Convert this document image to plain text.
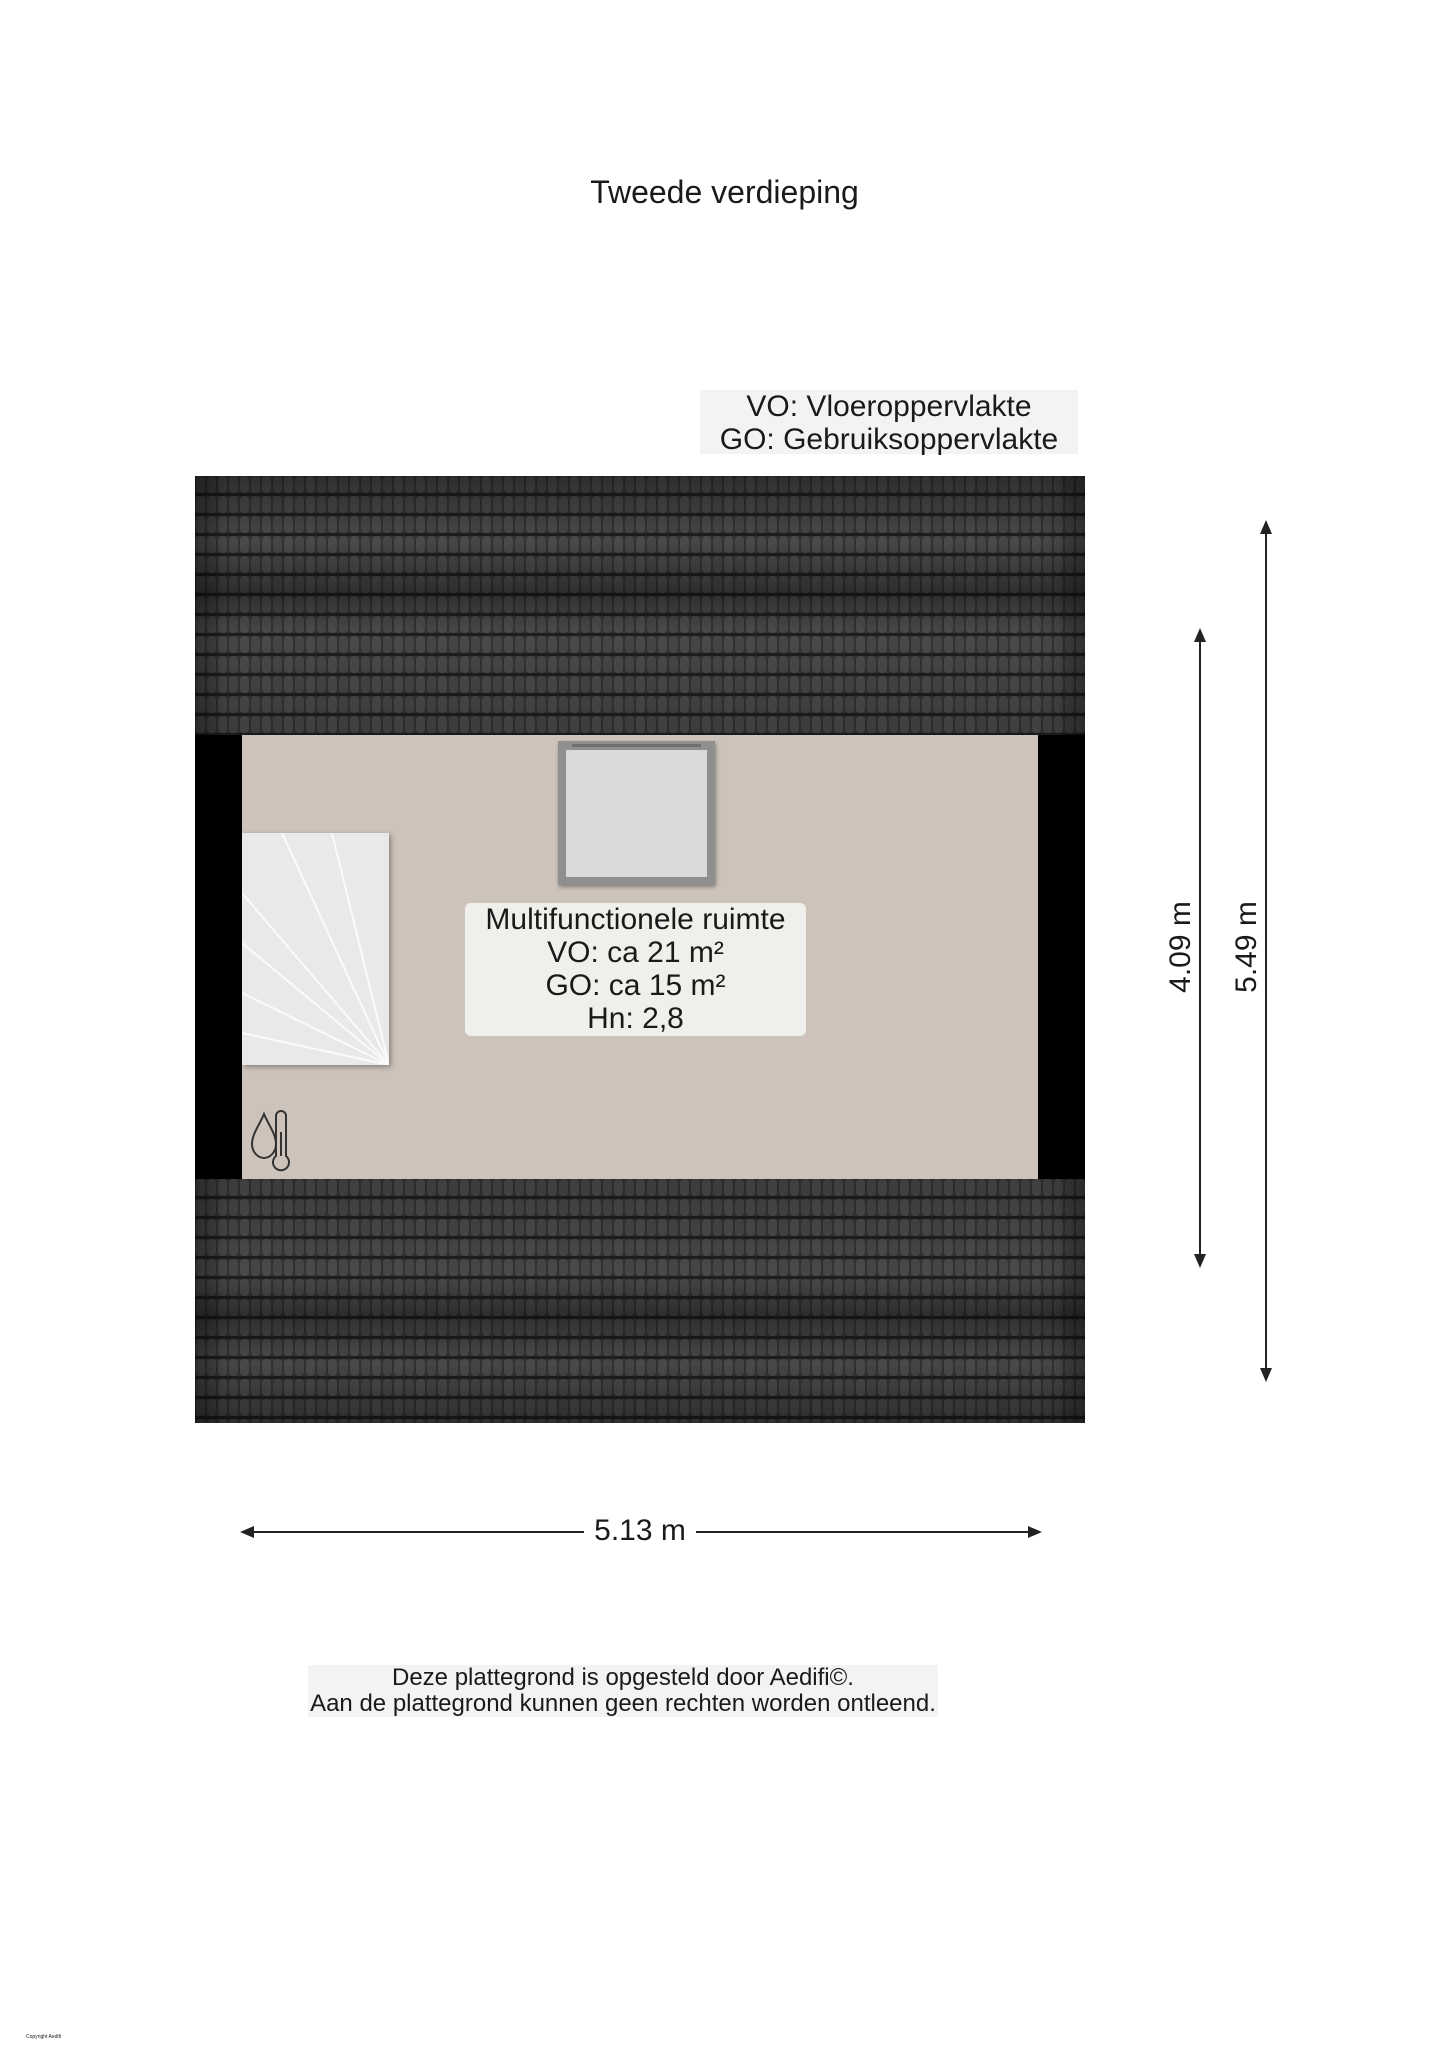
Tweede verdieping
VO: Vloeroppervlakte
GO: Gebruiksoppervlakte
Multifunctionele ruimte
VO: ca 21 m²
GO: ca 15 m²
Hn: 2,8
4.09 m 5.49 m
5.13 m
Deze plattegrond is opgesteld door Aedifi©.
Aan de plattegrond kunnen geen rechten worden ontleend.
Copyright Aedifi
